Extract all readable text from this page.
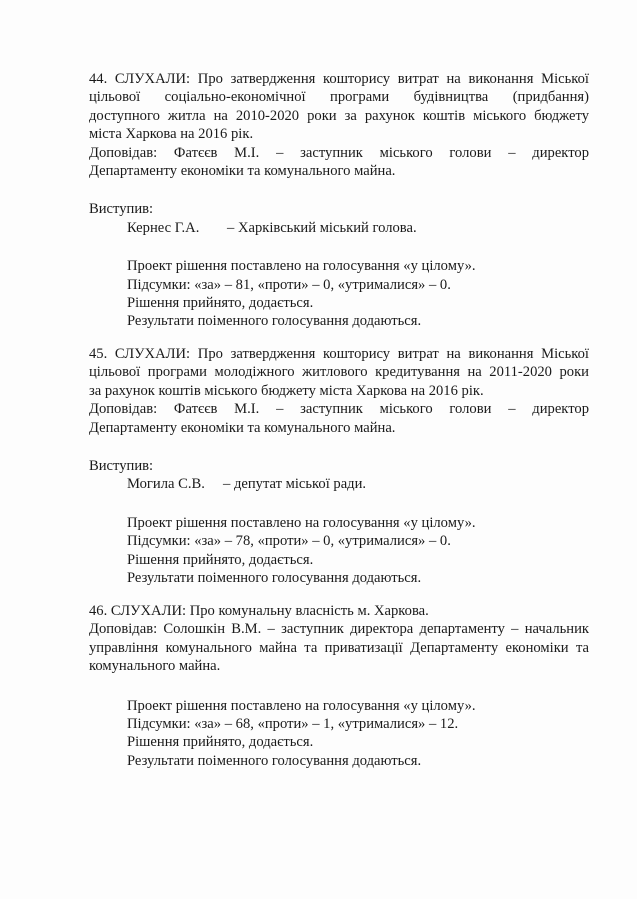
44. СЛУХАЛИ: Про затвердження кошторису витрат на виконання Міської
цільової соціально-економічної програми будівництва (придбання)
доступного житла на 2010-2020 роки за рахунок коштів міського бюджету
міста Харкова на 2016 рік.
Доповідав: Фатєєв М.І. – заступник міського голови – директор
Департаменту економіки та комунального майна.
Виступив:
Кернес Г.А. – Харківський міський голова.
Проект рішення поставлено на голосування «у цілому».
Підсумки: «за» – 81, «проти» – 0, «утрималися» – 0.
Рішення прийнято, додається.
Результати поіменного голосування додаються.
45. СЛУХАЛИ: Про затвердження кошторису витрат на виконання Міської
цільової програми молодіжного житлового кредитування на 2011-2020 роки
за рахунок коштів міського бюджету міста Харкова на 2016 рік.
Доповідав: Фатєєв М.І. – заступник міського голови – директор
Департаменту економіки та комунального майна.
Виступив:
Могила С.В. – депутат міської ради.
Проект рішення поставлено на голосування «у цілому».
Підсумки: «за» – 78, «проти» – 0, «утрималися» – 0.
Рішення прийнято, додається.
Результати поіменного голосування додаються.
46. СЛУХАЛИ: Про комунальну власність м. Харкова.
Доповідав: Солошкін В.М. – заступник директора департаменту – начальник
управління комунального майна та приватизації Департаменту економіки та
комунального майна.
Проект рішення поставлено на голосування «у цілому».
Підсумки: «за» – 68, «проти» – 1, «утрималися» – 12.
Рішення прийнято, додається.
Результати поіменного голосування додаються.
